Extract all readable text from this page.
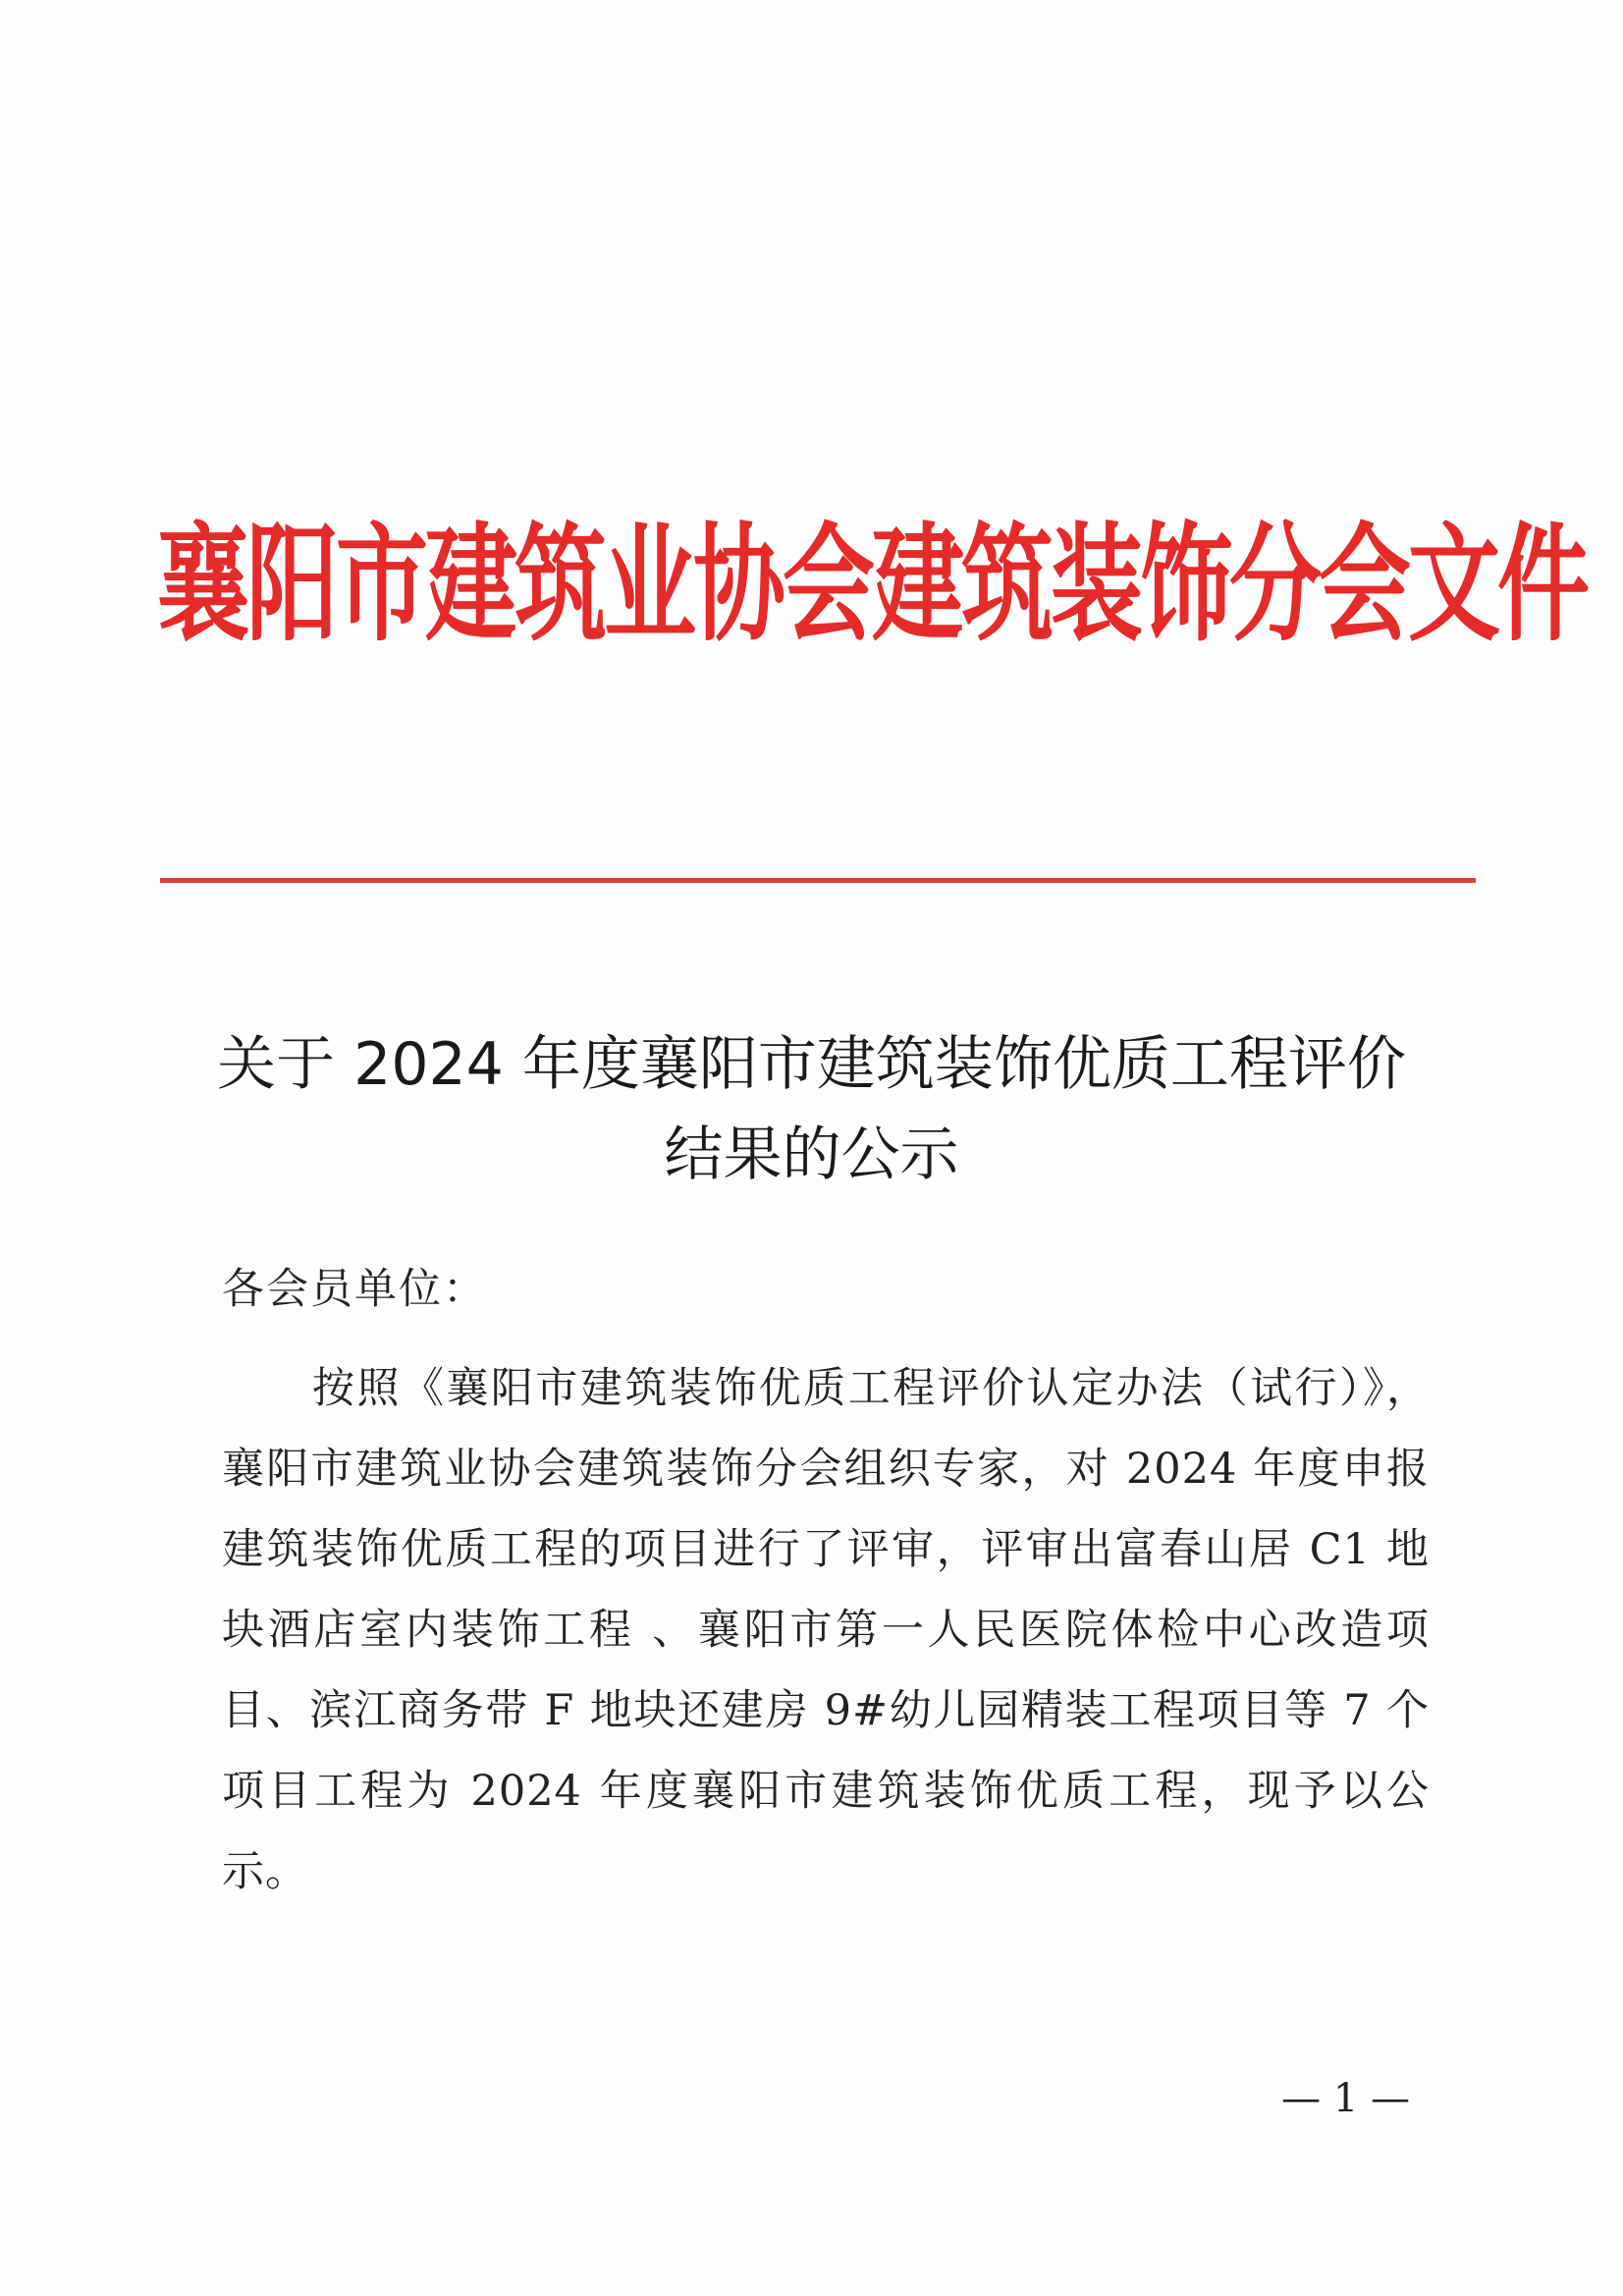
襄阳市建筑业协会建筑装饰分会文件
关于 2024 年度襄阳市建筑装饰优质工程评价
结果的公示
各会员单位：
按照《襄阳市建筑装饰优质工程评价认定办法（试行）》，襄阳市建筑业协会建筑装饰分会组织专家，对 2024 年度申报建筑装饰优质工程的项目进行了评审，评审出富春山居 C1 地块酒店室内装饰工程 、襄阳市第一人民医院体检中心改造项目、滨江商务带 F 地块还建房 9#幼儿园精装工程项目等 7 个项目工程为 2024 年度襄阳市建筑装饰优质工程，现予以公示。
— 1 —
